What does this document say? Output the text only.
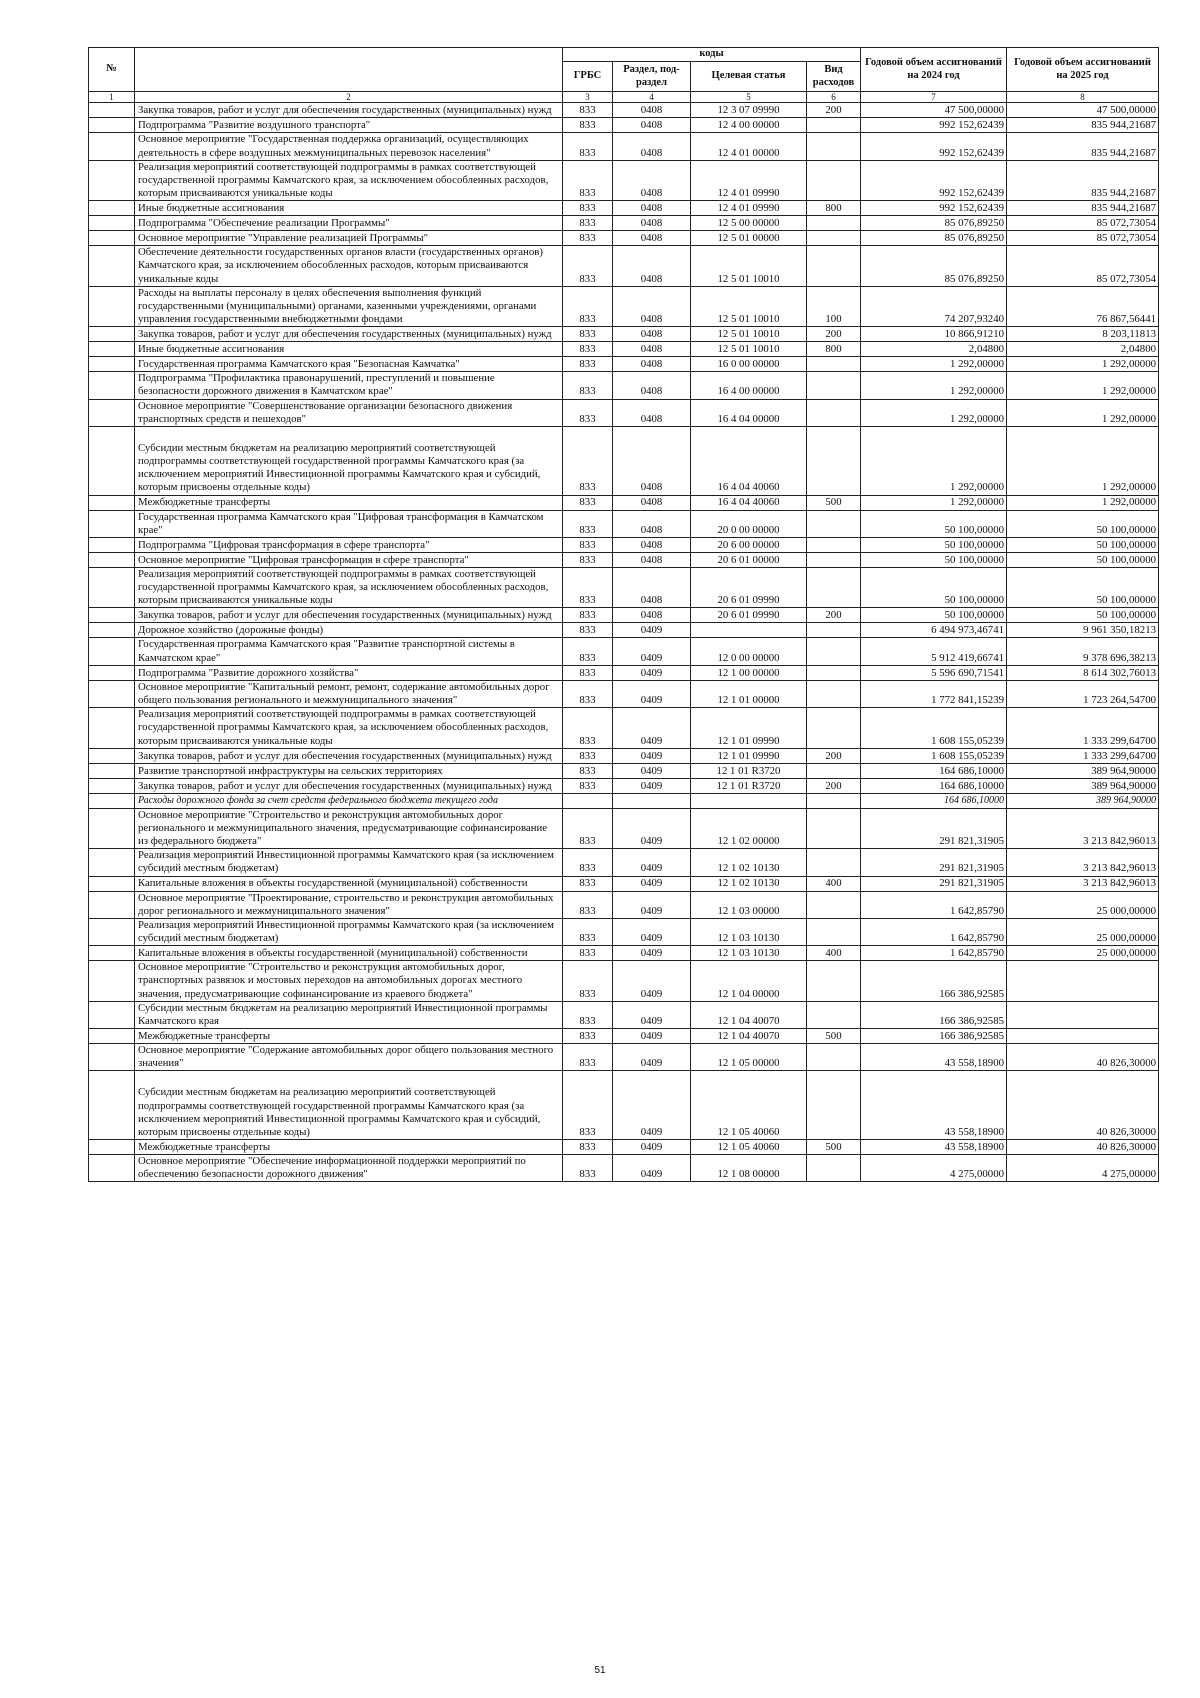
№		коды				Годовой объем ассигнований на 2024 год	Годовой объем ассигнований на 2025 год
		ГРБС	Раздел, под-раздел	Целевая статья	Вид расходов		
1	2	3	4	5	6	7	8
	Закупка товаров, работ и услуг для обеспечения государственных (муниципальных) нужд	833	0408	12 3 07 09990	200	47 500,00000	47 500,00000
	Подпрограмма "Развитие воздушного транспорта"	833	0408	12 4 00 00000		992 152,62439	835 944,21687
	Основное мероприятие "Государственная поддержка организаций, осуществляющих деятельность в сфере воздушных межмуниципальных перевозок населения"	833	0408	12 4 01 00000		992 152,62439	835 944,21687
	Реализация мероприятий соответствующей подпрограммы в рамках соответствующей государственной программы Камчатского края, за исключением обособленных расходов, которым присваиваются уникальные коды	833	0408	12 4 01 09990		992 152,62439	835 944,21687
	Иные бюджетные ассигнования	833	0408	12 4 01 09990	800	992 152,62439	835 944,21687
	Подпрограмма "Обеспечение реализации Программы"	833	0408	12 5 00 00000		85 076,89250	85 072,73054
	Основное мероприятие "Управление реализацией Программы"	833	0408	12 5 01 00000		85 076,89250	85 072,73054
	Обеспечение деятельности государственных органов власти (государственных органов) Камчатского края, за исключением обособленных расходов, которым присваиваются уникальные коды	833	0408	12 5 01 10010		85 076,89250	85 072,73054
	Расходы на выплаты персоналу в целях обеспечения выполнения функций государственными (муниципальными) органами, казенными учреждениями, органами управления государственными внебюджетными фондами	833	0408	12 5 01 10010	100	74 207,93240	76 867,56441
	Закупка товаров, работ и услуг для обеспечения государственных (муниципальных) нужд	833	0408	12 5 01 10010	200	10 866,91210	8 203,11813
	Иные бюджетные ассигнования	833	0408	12 5 01 10010	800	2,04800	2,04800
	Государственная программа Камчатского края "Безопасная Камчатка"	833	0408	16 0 00 00000		1 292,00000	1 292,00000
	Подпрограмма "Профилактика правонарушений, преступлений и повышение безопасности дорожного движения в Камчатском крае"	833	0408	16 4 00 00000		1 292,00000	1 292,00000
	Основное мероприятие "Совершенствование организации безопасного движения транспортных средств и пешеходов"	833	0408	16 4 04 00000		1 292,00000	1 292,00000
	Субсидии местным бюджетам на реализацию мероприятий соответствующей подпрограммы соответствующей государственной программы Камчатского края (за исключением мероприятий Инвестиционной программы Камчатского края и субсидий, которым присвоены отдельные коды)	833	0408	16 4 04 40060		1 292,00000	1 292,00000
	Межбюджетные трансферты	833	0408	16 4 04 40060	500	1 292,00000	1 292,00000
	Государственная программа Камчатского края "Цифровая трансформация в Камчатском крае"	833	0408	20 0 00 00000		50 100,00000	50 100,00000
	Подпрограмма "Цифровая трансформация в сфере транспорта"	833	0408	20 6 00 00000		50 100,00000	50 100,00000
	Основное мероприятие "Цифровая трансформация в сфере транспорта"	833	0408	20 6 01 00000		50 100,00000	50 100,00000
	Реализация мероприятий соответствующей подпрограммы в рамках соответствующей государственной программы Камчатского края, за исключением обособленных расходов, которым присваиваются уникальные коды	833	0408	20 6 01 09990		50 100,00000	50 100,00000
	Закупка товаров, работ и услуг для обеспечения государственных (муниципальных) нужд	833	0408	20 6 01 09990	200	50 100,00000	50 100,00000
	Дорожное хозяйство (дорожные фонды)	833	0409			6 494 973,46741	9 961 350,18213
	Государственная программа Камчатского края "Развитие транспортной системы в Камчатском крае"	833	0409	12 0 00 00000		5 912 419,66741	9 378 696,38213
	Подпрограмма "Развитие дорожного хозяйства"	833	0409	12 1 00 00000		5 596 690,71541	8 614 302,76013
	Основное мероприятие "Капитальный ремонт, ремонт, содержание автомобильных дорог общего пользования регионального и межмуниципального значения"	833	0409	12 1 01 00000		1 772 841,15239	1 723 264,54700
	Реализация мероприятий соответствующей подпрограммы в рамках соответствующей государственной программы Камчатского края, за исключением обособленных расходов, которым присваиваются уникальные коды	833	0409	12 1 01 09990		1 608 155,05239	1 333 299,64700
	Закупка товаров, работ и услуг для обеспечения государственных (муниципальных) нужд	833	0409	12 1 01 09990	200	1 608 155,05239	1 333 299,64700
	Развитие транспортной инфраструктуры на сельских территориях	833	0409	12 1 01 R3720		164 686,10000	389 964,90000
	Закупка товаров, работ и услуг для обеспечения государственных (муниципальных) нужд	833	0409	12 1 01 R3720	200	164 686,10000	389 964,90000
	Расходы дорожного фонда за счет средств федерального бюджета текущего года					164 686,10000	389 964,90000
	Основное мероприятие "Строительство и реконструкция автомобильных дорог регионального и межмуниципального значения, предусматривающие софинансирование из федерального бюджета"	833	0409	12 1 02 00000		291 821,31905	3 213 842,96013
	Реализация мероприятий Инвестиционной программы Камчатского края (за исключением субсидий местным бюджетам)	833	0409	12 1 02 10130		291 821,31905	3 213 842,96013
	Капитальные вложения в объекты государственной (муниципальной) собственности	833	0409	12 1 02 10130	400	291 821,31905	3 213 842,96013
	Основное мероприятие "Проектирование, строительство и реконструкция автомобильных дорог регионального и межмуниципального значения"	833	0409	12 1 03 00000		1 642,85790	25 000,00000
	Реализация мероприятий Инвестиционной программы Камчатского края (за исключением субсидий местным бюджетам)	833	0409	12 1 03 10130		1 642,85790	25 000,00000
	Капитальные вложения в объекты государственной (муниципальной) собственности	833	0409	12 1 03 10130	400	1 642,85790	25 000,00000
	Основное мероприятие "Строительство и реконструкция автомобильных дорог, транспортных развязок и мостовых переходов на автомобильных дорогах местного значения, предусматривающие софинансирование из краевого бюджета"	833	0409	12 1 04 00000		166 386,92585	
	Субсидии местным бюджетам на реализацию мероприятий Инвестиционной программы Камчатского края	833	0409	12 1 04 40070		166 386,92585	
	Межбюджетные трансферты	833	0409	12 1 04 40070	500	166 386,92585	
	Основное мероприятие "Содержание автомобильных дорог общего пользования местного значения"	833	0409	12 1 05 00000		43 558,18900	40 826,30000
	Субсидии местным бюджетам на реализацию мероприятий соответствующей подпрограммы соответствующей государственной программы Камчатского края (за исключением мероприятий Инвестиционной программы Камчатского края и субсидий, которым присвоены отдельные коды)	833	0409	12 1 05 40060		43 558,18900	40 826,30000
	Межбюджетные трансферты	833	0409	12 1 05 40060	500	43 558,18900	40 826,30000
	Основное мероприятие "Обеспечение информационной поддержки мероприятий по обеспечению безопасности дорожного движения"	833	0409	12 1 08 00000		4 275,00000	4 275,00000
51
